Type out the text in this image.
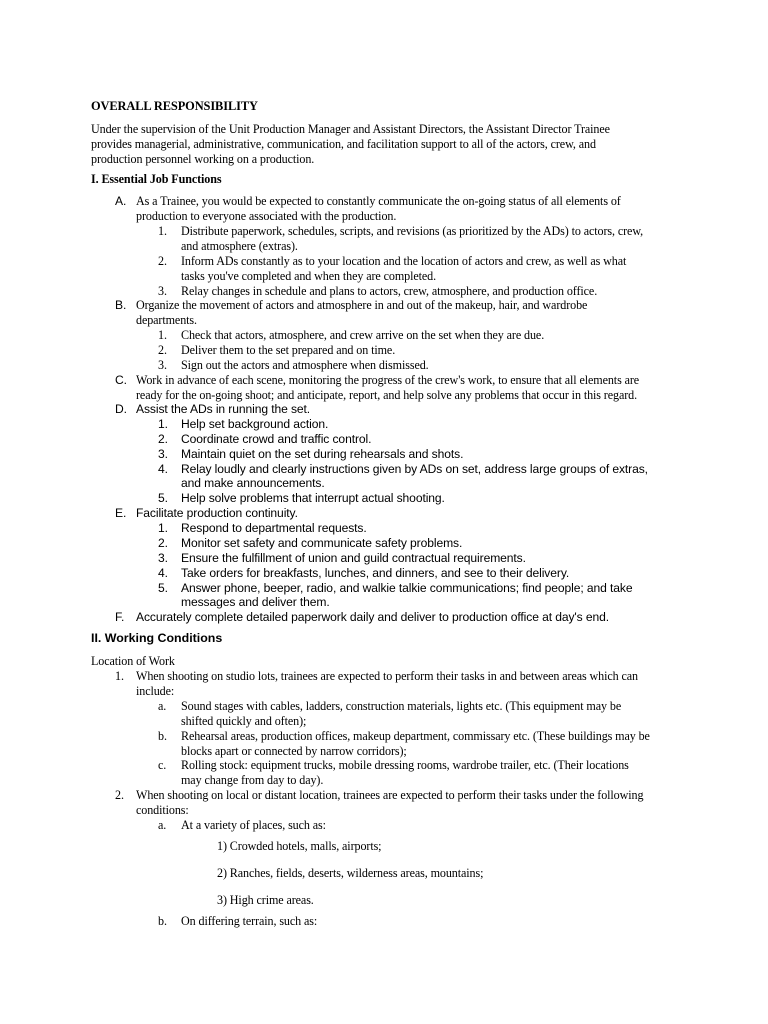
OVERALL RESPONSIBILITY
Under the supervision of the Unit Production Manager and Assistant Directors, the Assistant Director Trainee
provides managerial, administrative, communication, and facilitation support to all of the actors, crew, and
production personnel working on a production.
I. Essential Job Functions
A. As a Trainee, you would be expected to constantly communicate the on-going status of all elements of
production to everyone associated with the production.
1. Distribute paperwork, schedules, scripts, and revisions (as prioritized by the ADs) to actors, crew,
and atmosphere (extras).
2. Inform ADs constantly as to your location and the location of actors and crew, as well as what
tasks you've completed and when they are completed.
3. Relay changes in schedule and plans to actors, crew, atmosphere, and production office.
B. Organize the movement of actors and atmosphere in and out of the makeup, hair, and wardrobe
departments.
1. Check that actors, atmosphere, and crew arrive on the set when they are due.
2. Deliver them to the set prepared and on time.
3. Sign out the actors and atmosphere when dismissed.
C. Work in advance of each scene, monitoring the progress of the crew's work, to ensure that all elements are
ready for the on-going shoot; and anticipate, report, and help solve any problems that occur in this regard.
D. Assist the ADs in running the set.
1. Help set background action.
2. Coordinate crowd and traffic control.
3. Maintain quiet on the set during rehearsals and shots.
4. Relay loudly and clearly instructions given by ADs on set, address large groups of extras,
and make announcements.
5. Help solve problems that interrupt actual shooting.
E. Facilitate production continuity.
1. Respond to departmental requests.
2. Monitor set safety and communicate safety problems.
3. Ensure the fulfillment of union and guild contractual requirements.
4. Take orders for breakfasts, lunches, and dinners, and see to their delivery.
5. Answer phone, beeper, radio, and walkie talkie communications; find people; and take
messages and deliver them.
F. Accurately complete detailed paperwork daily and deliver to production office at day's end.
II. Working Conditions
Location of Work
1. When shooting on studio lots, trainees are expected to perform their tasks in and between areas which can
include:
a. Sound stages with cables, ladders, construction materials, lights etc. (This equipment may be
shifted quickly and often);
b. Rehearsal areas, production offices, makeup department, commissary etc. (These buildings may be
blocks apart or connected by narrow corridors);
c. Rolling stock: equipment trucks, mobile dressing rooms, wardrobe trailer, etc. (Their locations
may change from day to day).
2. When shooting on local or distant location, trainees are expected to perform their tasks under the following
conditions:
a. At a variety of places, such as:
1) Crowded hotels, malls, airports;
2) Ranches, fields, deserts, wilderness areas, mountains;
3) High crime areas.
b. On differing terrain, such as:
